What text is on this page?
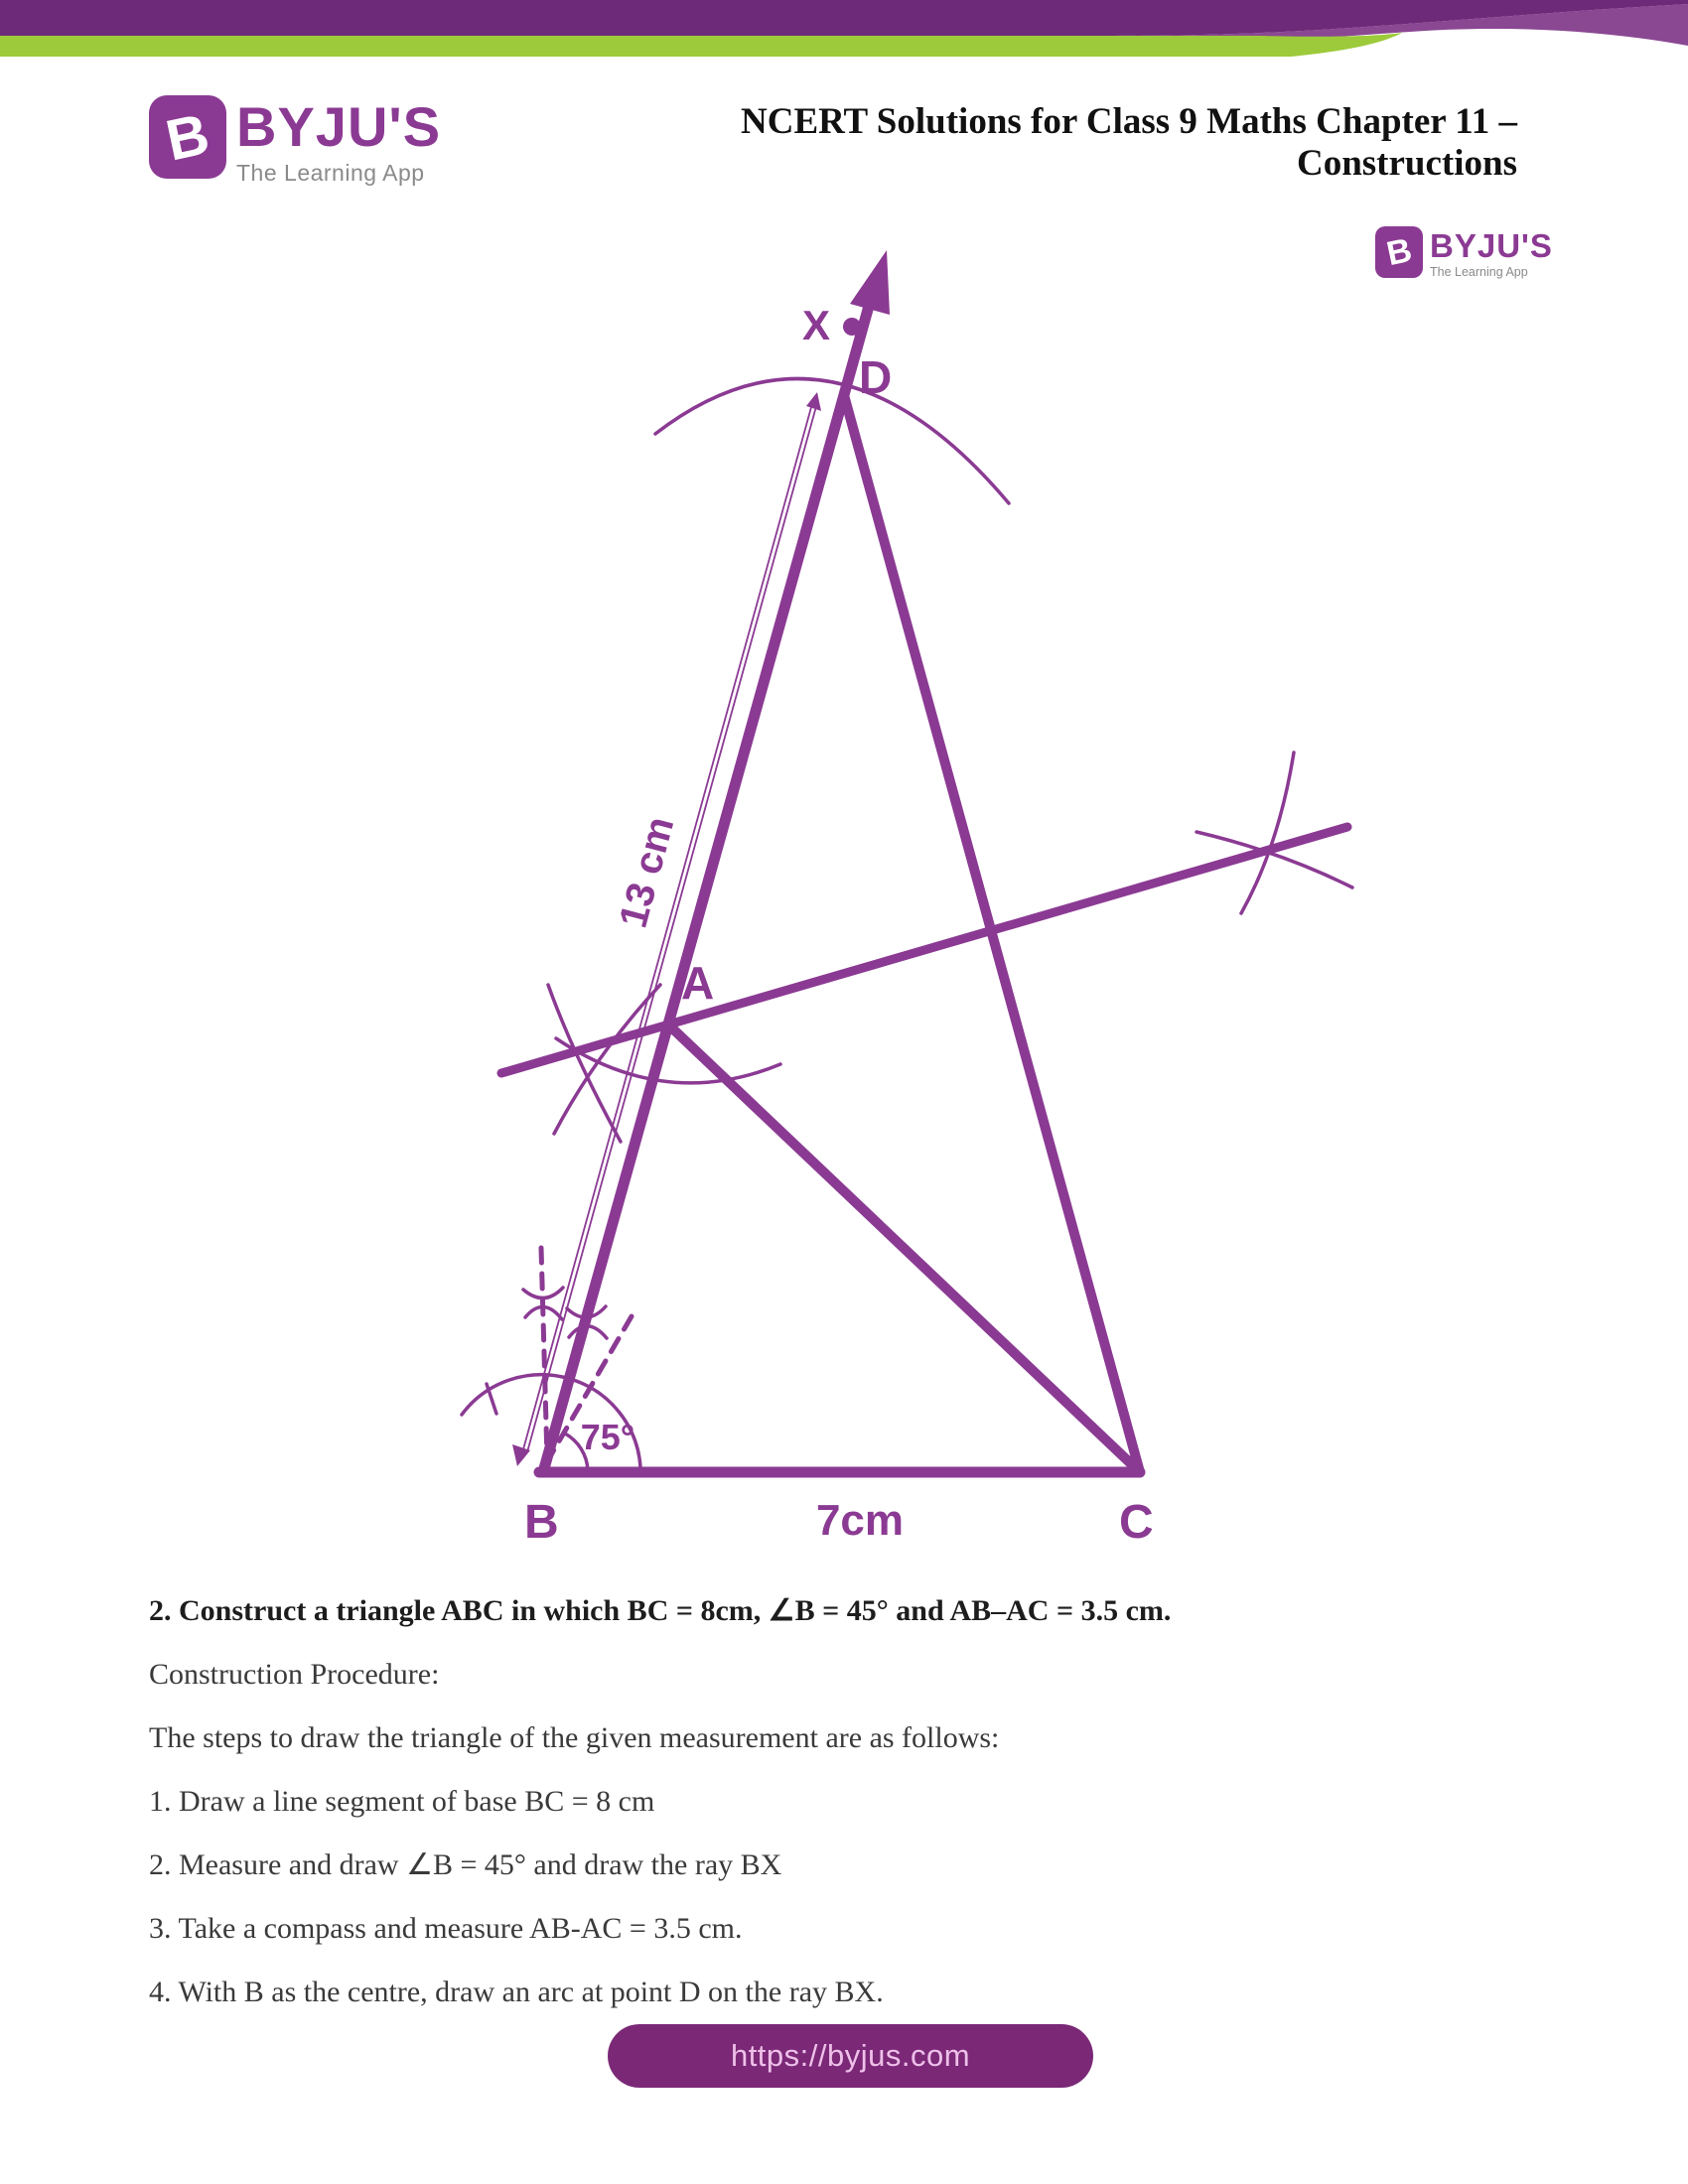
B BYJU'S
The Learning App
NCERT Solutions for Class 9 Maths Chapter 11 –
Constructions
B BYJU'S
The Learning App
X
D
A
B	C
7cm
75°
13 cm

2. Construct a triangle ABC in which BC = 8cm, ∠B = 45° and AB–AC = 3.5 cm.

Construction Procedure:

The steps to draw the triangle of the given measurement are as follows:

1. Draw a line segment of base BC = 8 cm

2. Measure and draw ∠B = 45° and draw the ray BX

3. Take a compass and measure AB-AC = 3.5 cm.

4. With B as the centre, draw an arc at point D on the ray BX.

https://byjus.com
